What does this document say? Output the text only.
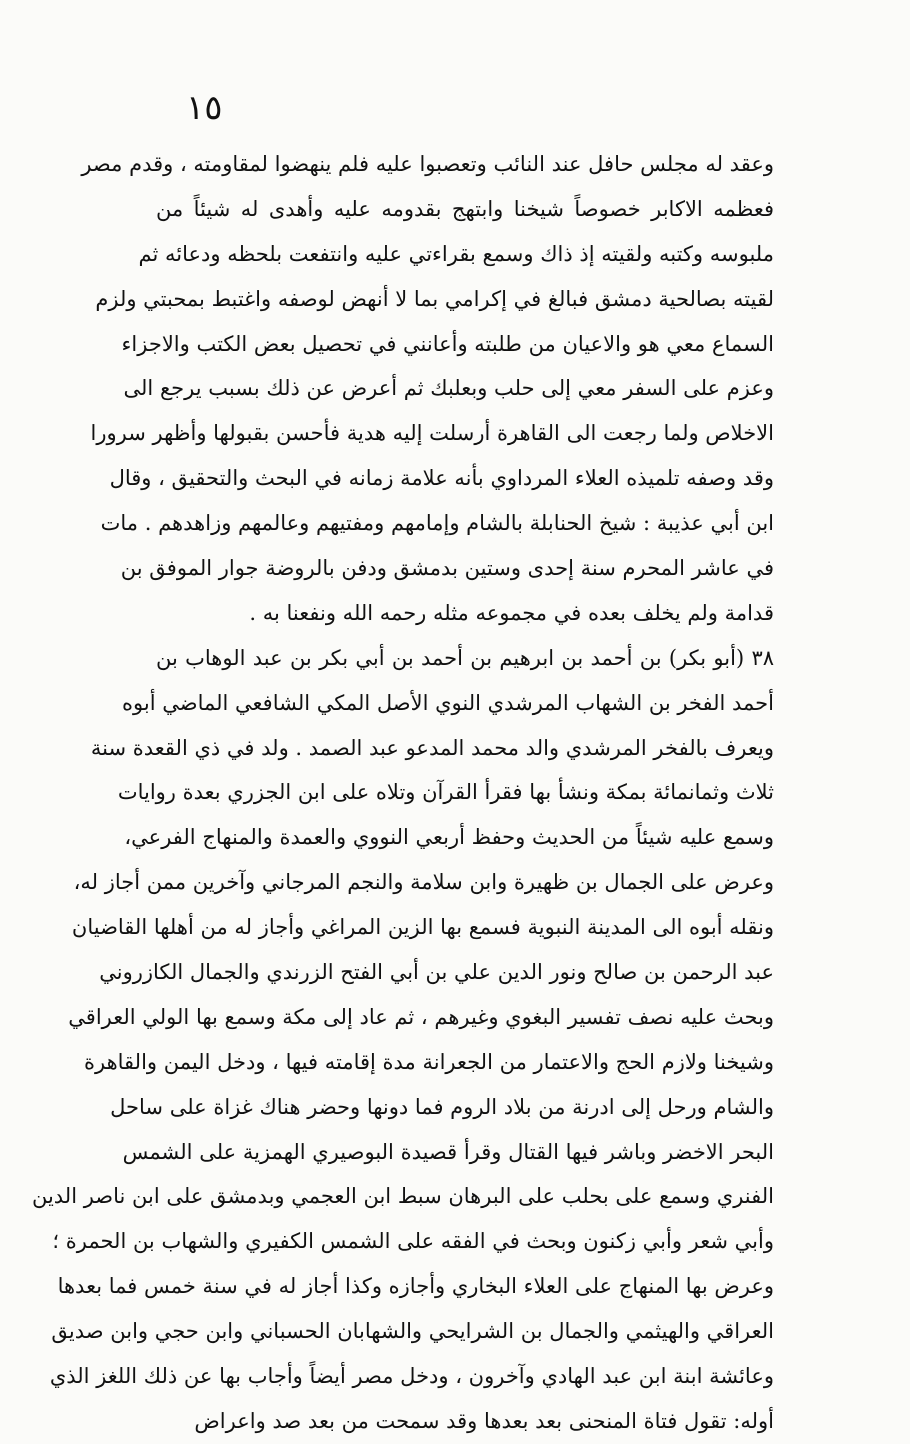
١٥
وعقد له مجلس حافل عند النائب وتعصبوا عليه فلم ينهضوا لمقاومته ، وقدم مصر
فعظمه الاكابر خصوصاً شيخنا وابتهج بقدومه عليه وأهدى له شيئاً من
ملبوسه وكتبه ولقيته إذ ذاك وسمع بقراءتي عليه وانتفعت بلحظه ودعائه ثم
لقيته بصالحية دمشق فبالغ في إكرامي بما لا أنهض لوصفه واغتبط بمحبتي ولزم
السماع معي هو والاعيان من طلبته وأعانني في تحصيل بعض الكتب والاجزاء
وعزم على السفر معي إلى حلب وبعلبك ثم أعرض عن ذلك بسبب يرجع الى
الاخلاص ولما رجعت الى القاهرة أرسلت إليه هدية فأحسن بقبولها وأظهر سرورا
وقد وصفه تلميذه العلاء المرداوي بأنه علامة زمانه في البحث والتحقيق ، وقال
ابن أبي عذيبة : شيخ الحنابلة بالشام وإمامهم ومفتيهم وعالمهم وزاهدهم . مات
في عاشر المحرم سنة إحدى وستين بدمشق ودفن بالروضة جوار الموفق بن
قدامة ولم يخلف بعده في مجموعه مثله رحمه الله ونفعنا به .
٣٨ (أبو بكر) بن أحمد بن ابرهيم بن أحمد بن أبي بكر بن عبد الوهاب بن
أحمد الفخر بن الشهاب المرشدي النوي الأصل المكي الشافعي الماضي أبوه
ويعرف بالفخر المرشدي والد محمد المدعو عبد الصمد . ولد في ذي القعدة سنة
ثلاث وثمانمائة بمكة ونشأ بها فقرأ القرآن وتلاه على ابن الجزري بعدة روايات
وسمع عليه شيئاً من الحديث وحفظ أربعي النووي والعمدة والمنهاج الفرعي،
وعرض على الجمال بن ظهيرة وابن سلامة والنجم المرجاني وآخرين ممن أجاز له،
ونقله أبوه الى المدينة النبوية فسمع بها الزين المراغي وأجاز له من أهلها القاضيان
عبد الرحمن بن صالح ونور الدين علي بن أبي الفتح الزرندي والجمال الكازروني
وبحث عليه نصف تفسير البغوي وغيرهم ، ثم عاد إلى مكة وسمع بها الولي العراقي
وشيخنا ولازم الحج والاعتمار من الجعرانة مدة إقامته فيها ، ودخل اليمن والقاهرة
والشام ورحل إلى ادرنة من بلاد الروم فما دونها وحضر هناك غزاة على ساحل
البحر الاخضر وباشر فيها القتال وقرأ قصيدة البوصيري الهمزية على الشمس
الفنري وسمع على بحلب على البرهان سبط ابن العجمي وبدمشق على ابن ناصر الدين
وأبي شعر وأبي زكنون وبحث في الفقه على الشمس الكفيري والشهاب بن الحمرة ؛
وعرض بها المنهاج على العلاء البخاري وأجازه وكذا أجاز له في سنة خمس فما بعدها
العراقي والهيثمي والجمال بن الشرايحي والشهابان الحسباني وابن حجي وابن صديق
وعائشة ابنة ابن عبد الهادي وآخرون ، ودخل مصر أيضاً وأجاب بها عن ذلك اللغز الذي
أوله: تقول فتاة المنحنى بعد بعدها وقد سمحت من بعد صد واعراض
